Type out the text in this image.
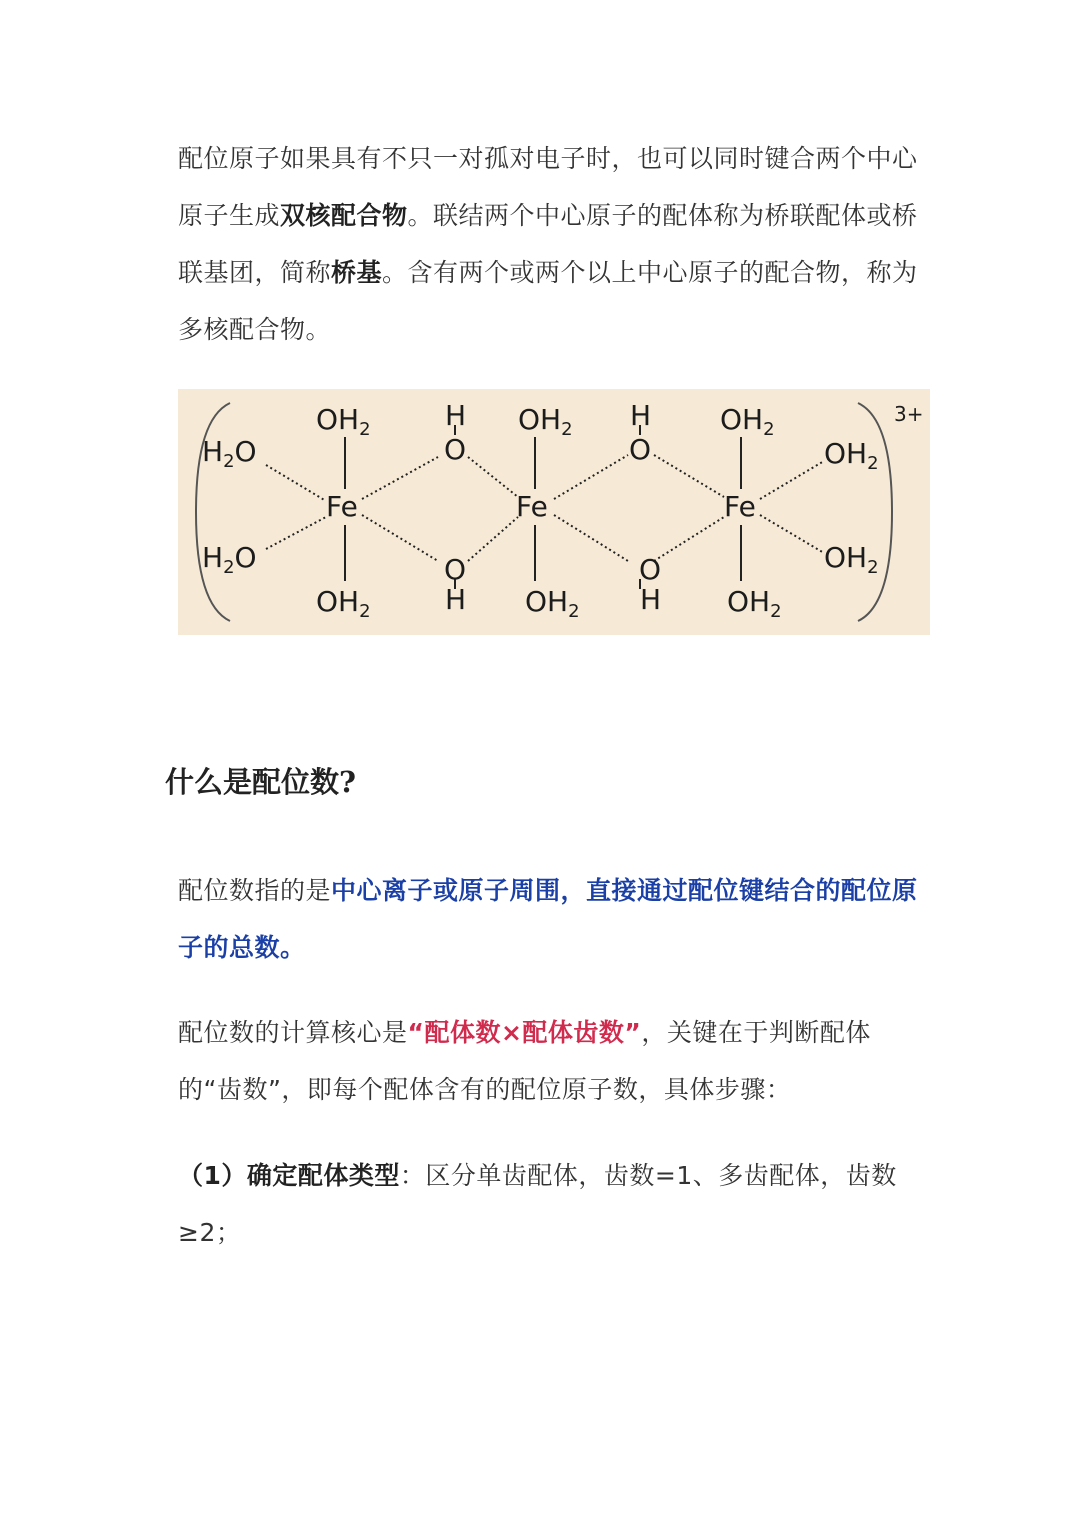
配位原子如果具有不只一对孤对电子时，也可以同时键合两个中心原子生成双核配合物。联结两个中心原子的配体称为桥联配体或桥联基团，简称桥基。含有两个或两个以上中心原子的配合物，称为多核配合物。

$OH_2$	$OH_2$	$OH_2$
$OH_2$	$OH_2$	$OH_2$
$H_2O$
$H_2O$
$OH_2$
$OH_2$
Fe	Fe	Fe
H
O
H
O
O
H
O
H
3+
什么是配位数?

配位数指的是中心离子或原子周围，直接通过配位键结合的配位原子的总数。

配位数的计算核心是“配体数×配体齿数”，关键在于判断配体的“齿数”，即每个配体含有的配位原子数，具体步骤：

（1）确定配体类型：区分单齿配体，齿数=1、多齿配体，齿数≥2；
